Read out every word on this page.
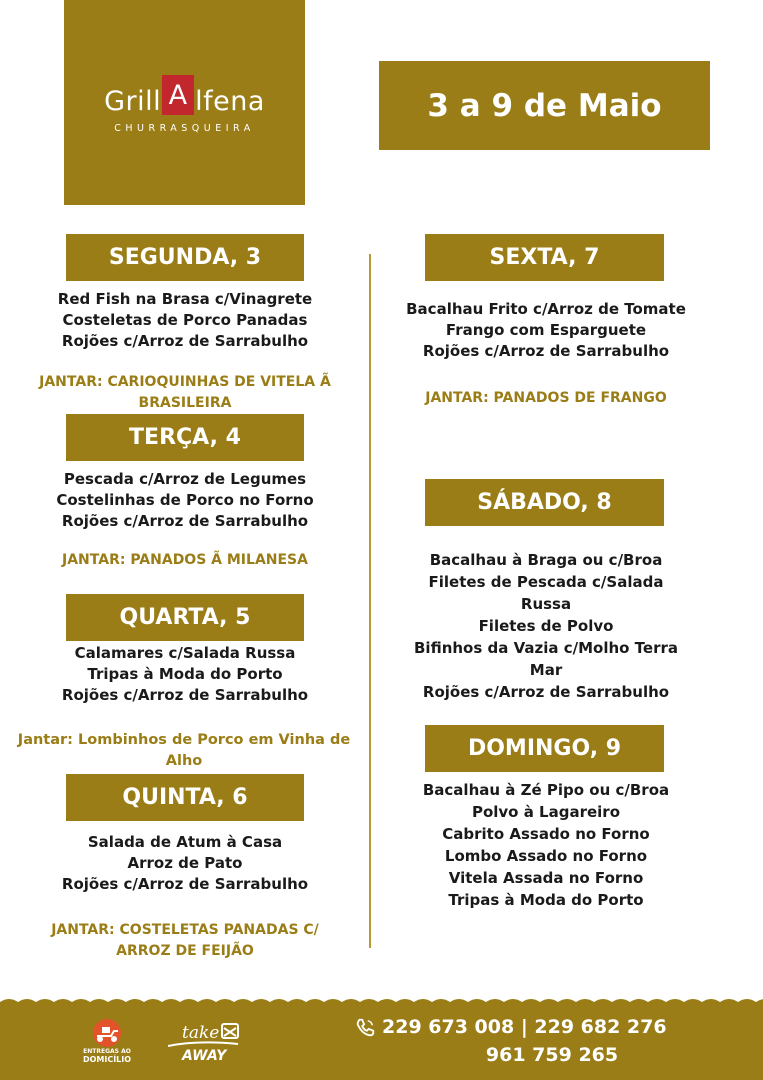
Grill A lfena
CHURRASQUEIRA
3 a 9 de Maio
SEGUNDA, 3
Red Fish na Brasa c/Vinagrete
Costeletas de Porco Panadas
Rojões c/Arroz de Sarrabulho
JANTAR: CARIOQUINHAS DE VITELA Ã
BRASILEIRA
TERÇA, 4
Pescada c/Arroz de Legumes
Costelinhas de Porco no Forno
Rojões c/Arroz de Sarrabulho
JANTAR: PANADOS Ã MILANESA
QUARTA, 5
Calamares c/Salada Russa
Tripas à Moda do Porto
Rojões c/Arroz de Sarrabulho
Jantar: Lombinhos de Porco em Vinha de
Alho
QUINTA, 6
Salada de Atum à Casa
Arroz de Pato
Rojões c/Arroz de Sarrabulho
JANTAR: COSTELETAS PANADAS C/
ARROZ DE FEIJÃO
SEXTA, 7
Bacalhau Frito c/Arroz de Tomate
Frango com Esparguete
Rojões c/Arroz de Sarrabulho
JANTAR: PANADOS DE FRANGO
SÁBADO, 8
Bacalhau à Braga ou c/Broa
Filetes de Pescada c/Salada
Russa
Filetes de Polvo
Bifinhos da Vazia c/Molho Terra
Mar
Rojões c/Arroz de Sarrabulho
DOMINGO, 9
Bacalhau à Zé Pipo ou c/Broa
Polvo à Lagareiro
Cabrito Assado no Forno
Lombo Assado no Forno
Vitela Assada no Forno
Tripas à Moda do Porto
ENTREGAS AO
DOMICÍLIO
take
AWAY
229 673 008 | 229 682 276
961 759 265
